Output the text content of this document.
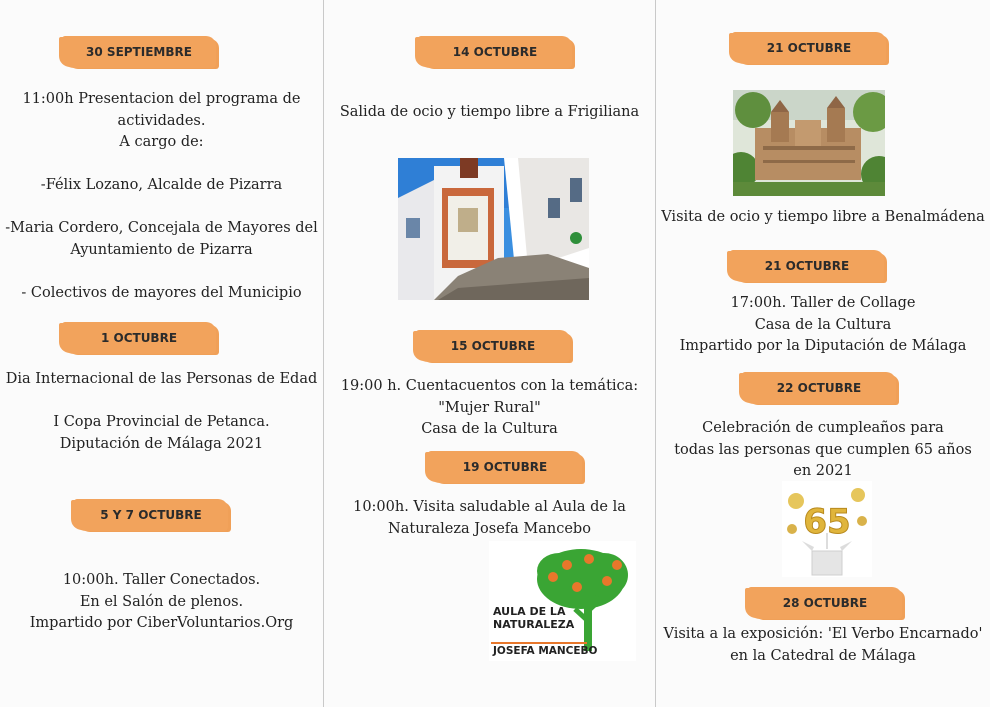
30 SEPTIEMBRE
11:00h Presentacion del programa de
actividades.
A cargo de:

-Félix Lozano, Alcalde de Pizarra

-Maria Cordero, Concejala de Mayores del
Ayuntamiento de Pizarra

- Colectivos de mayores del Municipio
1 OCTUBRE
Dia Internacional de las Personas de Edad

I Copa Provincial de Petanca.
Diputación de Málaga 2021
5 Y 7 OCTUBRE
10:00h. Taller Conectados.
En el Salón de plenos.
Impartido por CiberVoluntarios.Org
14 OCTUBRE
Salida de ocio y tiempo libre a Frigiliana
15 OCTUBRE
19:00 h. Cuentacuentos con la temática:
"Mujer Rural"
Casa de la Cultura
19 OCTUBRE
10:00h. Visita saludable al Aula de la
Naturaleza Josefa Mancebo
AULA DE LA
NATURALEZA
JOSEFA MANCEBO
21 OCTUBRE
Visita de ocio y tiempo libre a Benalmádena
21 OCTUBRE
17:00h. Taller de Collage
Casa de la Cultura
Impartido por la Diputación de Málaga
22 OCTUBRE
Celebración de cumpleaños para
todas las personas que cumplen 65 años
en 2021
65
28 OCTUBRE
Visita a la exposición: 'El Verbo Encarnado'
en la Catedral de Málaga
